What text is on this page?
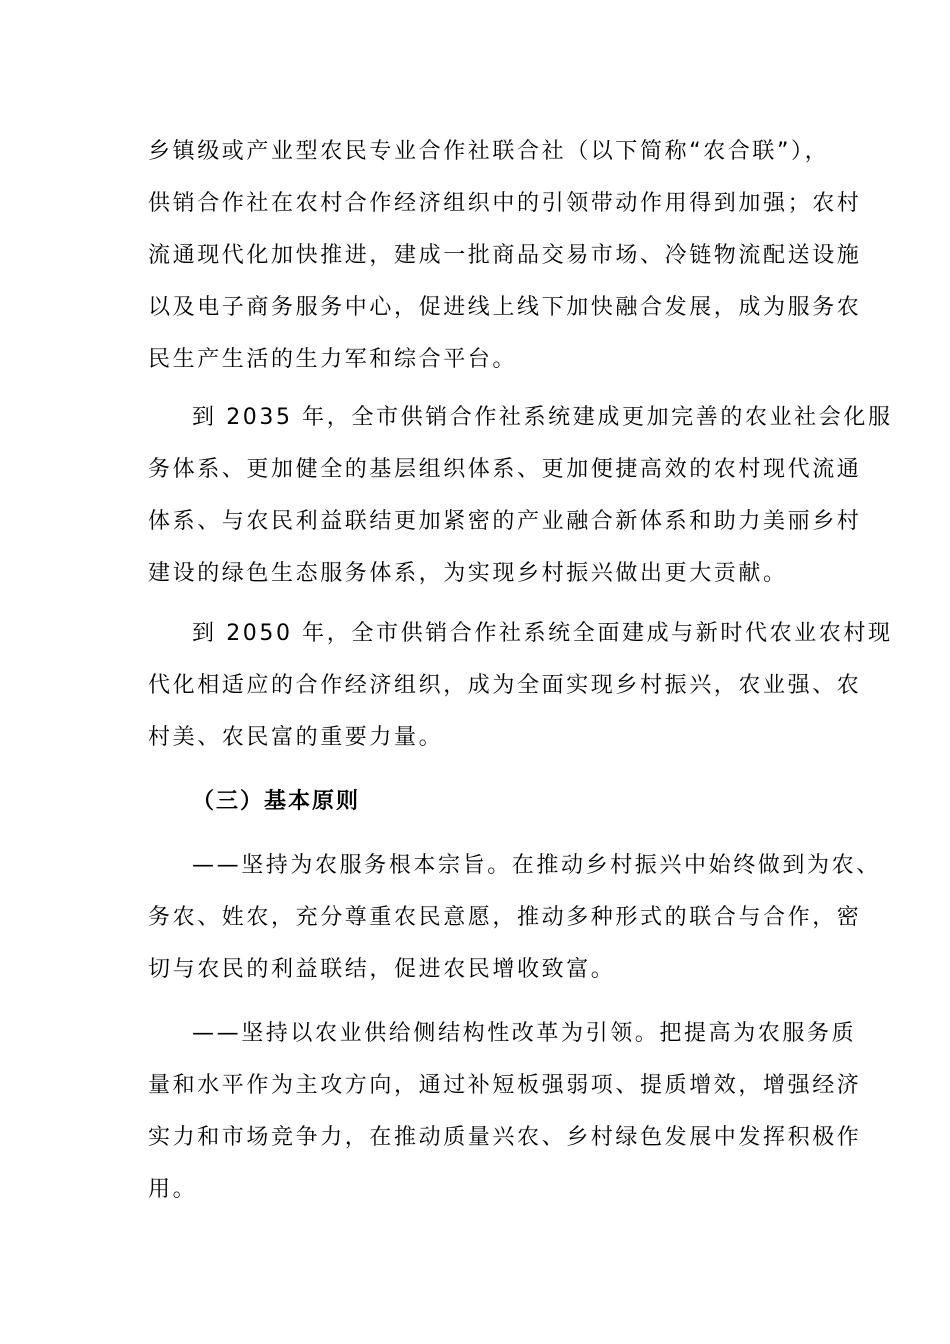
乡镇级或产业型农民专业合作社联合社（以下简称“农合联”），
供销合作社在农村合作经济组织中的引领带动作用得到加强；农村
流通现代化加快推进，建成一批商品交易市场、冷链物流配送设施
以及电子商务服务中心，促进线上线下加快融合发展，成为服务农
民生产生活的生力军和综合平台。
到 2035 年，全市供销合作社系统建成更加完善的农业社会化服
务体系、更加健全的基层组织体系、更加便捷高效的农村现代流通
体系、与农民利益联结更加紧密的产业融合新体系和助力美丽乡村
建设的绿色生态服务体系，为实现乡村振兴做出更大贡献。
到 2050 年，全市供销合作社系统全面建成与新时代农业农村现
代化相适应的合作经济组织，成为全面实现乡村振兴，农业强、农
村美、农民富的重要力量。
（三）基本原则
——坚持为农服务根本宗旨。在推动乡村振兴中始终做到为农、
务农、姓农，充分尊重农民意愿，推动多种形式的联合与合作，密
切与农民的利益联结，促进农民增收致富。
——坚持以农业供给侧结构性改革为引领。把提高为农服务质
量和水平作为主攻方向，通过补短板强弱项、提质增效，增强经济
实力和市场竞争力，在推动质量兴农、乡村绿色发展中发挥积极作
用。
